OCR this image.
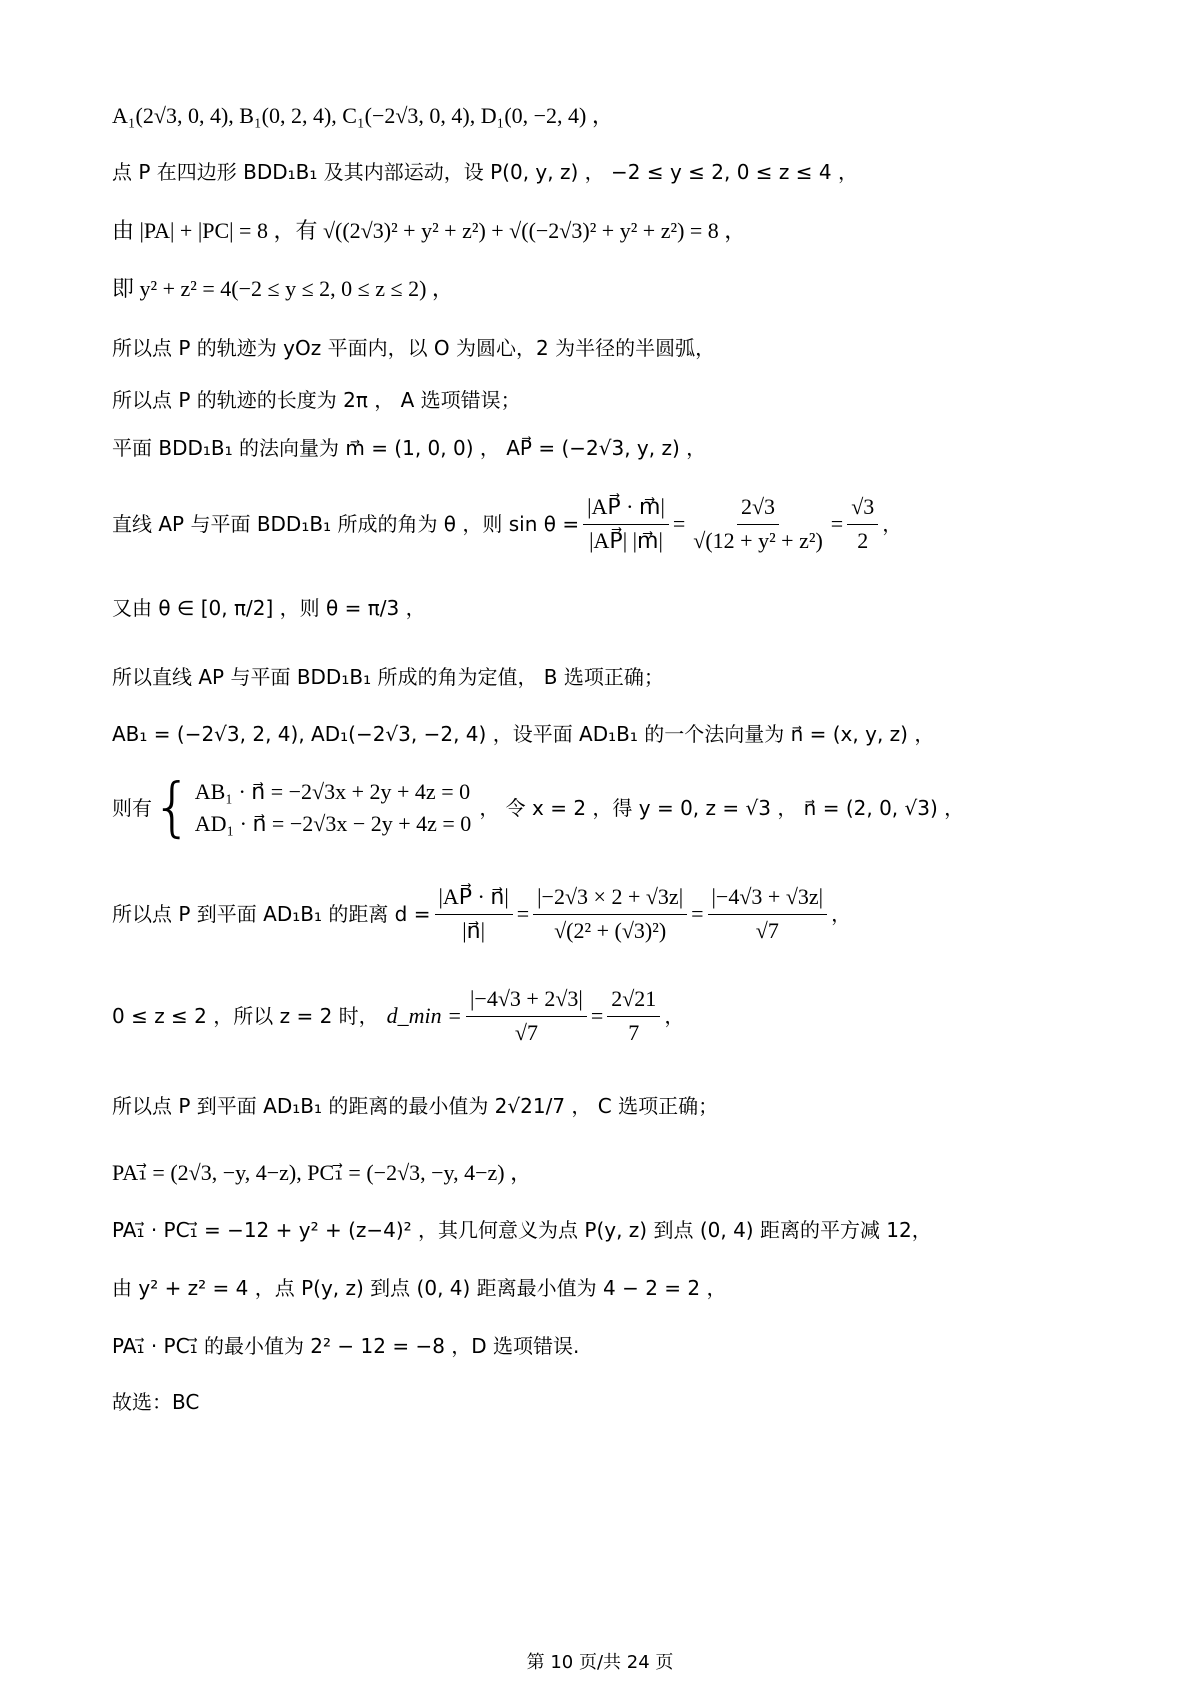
A₁(2√3, 0, 4), B₁(0, 2, 4), C₁(−2√3, 0, 4), D₁(0, −2, 4) ，
点 P 在四边形 BDD₁B₁ 及其内部运动，设 P(0, y, z) ， −2 ≤ y ≤ 2, 0 ≤ z ≤ 4 ，
由 |PA| + |PC| = 8 ，有 √((2√3)² + y² + z²) + √((−2√3)² + y² + z²) = 8 ，
即 y² + z² = 4(−2 ≤ y ≤ 2, 0 ≤ z ≤ 2) ，
所以点 P 的轨迹为 yOz 平面内，以 O 为圆心，2 为半径的半圆弧，
所以点 P 的轨迹的长度为 2π ， A 选项错误；
平面 BDD₁B₁ 的法向量为 m⃗ = (1, 0, 0) ， AP⃗ = (−2√3, y, z) ，
直线 AP 与平面 BDD₁B₁ 所成的角为 θ ，则 $\sin \theta = \frac{|AP⃗ \cdot m⃗|}{|AP⃗| |m⃗|} = \frac{2√3}{\text{√(12 + y² + z²)}} = \frac{√3}{2}$ ，
又由 θ ∈ [0, π/2] ，则 θ = π/3 ，
所以直线 AP 与平面 BDD₁B₁ 所成的角为定值， B 选项正确；
AB₁ = (−2√3, 2, 4), AD₁(−2√3, −2, 4) ，设平面 AD₁B₁ 的一个法向量为 n⃗ = (x, y, z) ，
则有 { AB₁ · n⃗ = −2√3x + 2y + 4z = 0
AD₁ · n⃗ = −2√3x − 2y + 4z = 0
， 令 x = 2 ，得 y = 0, z = √3 ， n⃗ = (2, 0, √3) ，
所以点 P 到平面 AD₁B₁ 的距离 $d = \frac{|AP⃗ \cdot n⃗|}{|n⃗|} = \frac{|-2√3 \times 2 + √3z|}{\text{√(2² + (√3)²)}} = \frac{|-4√3 + √3z|}{√7}$ ，
0 ≤ z ≤ 2 ，所以 z = 2 时， d_min = $\frac{|-4√3 + 2√3|}{√7} = \frac{2√21}{7}$ ，
所以点 P 到平面 AD₁B₁ 的距离的最小值为 2√21/7 ， C 选项正确；
PA₁⃗ = (2√3, −y, 4−z), PC₁⃗ = (−2√3, −y, 4−z) ，
PA₁⃗ · PC₁⃗ = −12 + y² + (z−4)² ，其几何意义为点 P(y, z) 到点 (0, 4) 距离的平方减 12，
由 y² + z² = 4 ，点 P(y, z) 到点 (0, 4) 距离最小值为 4 − 2 = 2 ，
PA₁⃗ · PC₁⃗ 的最小值为 2² − 12 = −8 ，D 选项错误.
故选：BC
第 10 页/共 24 页
